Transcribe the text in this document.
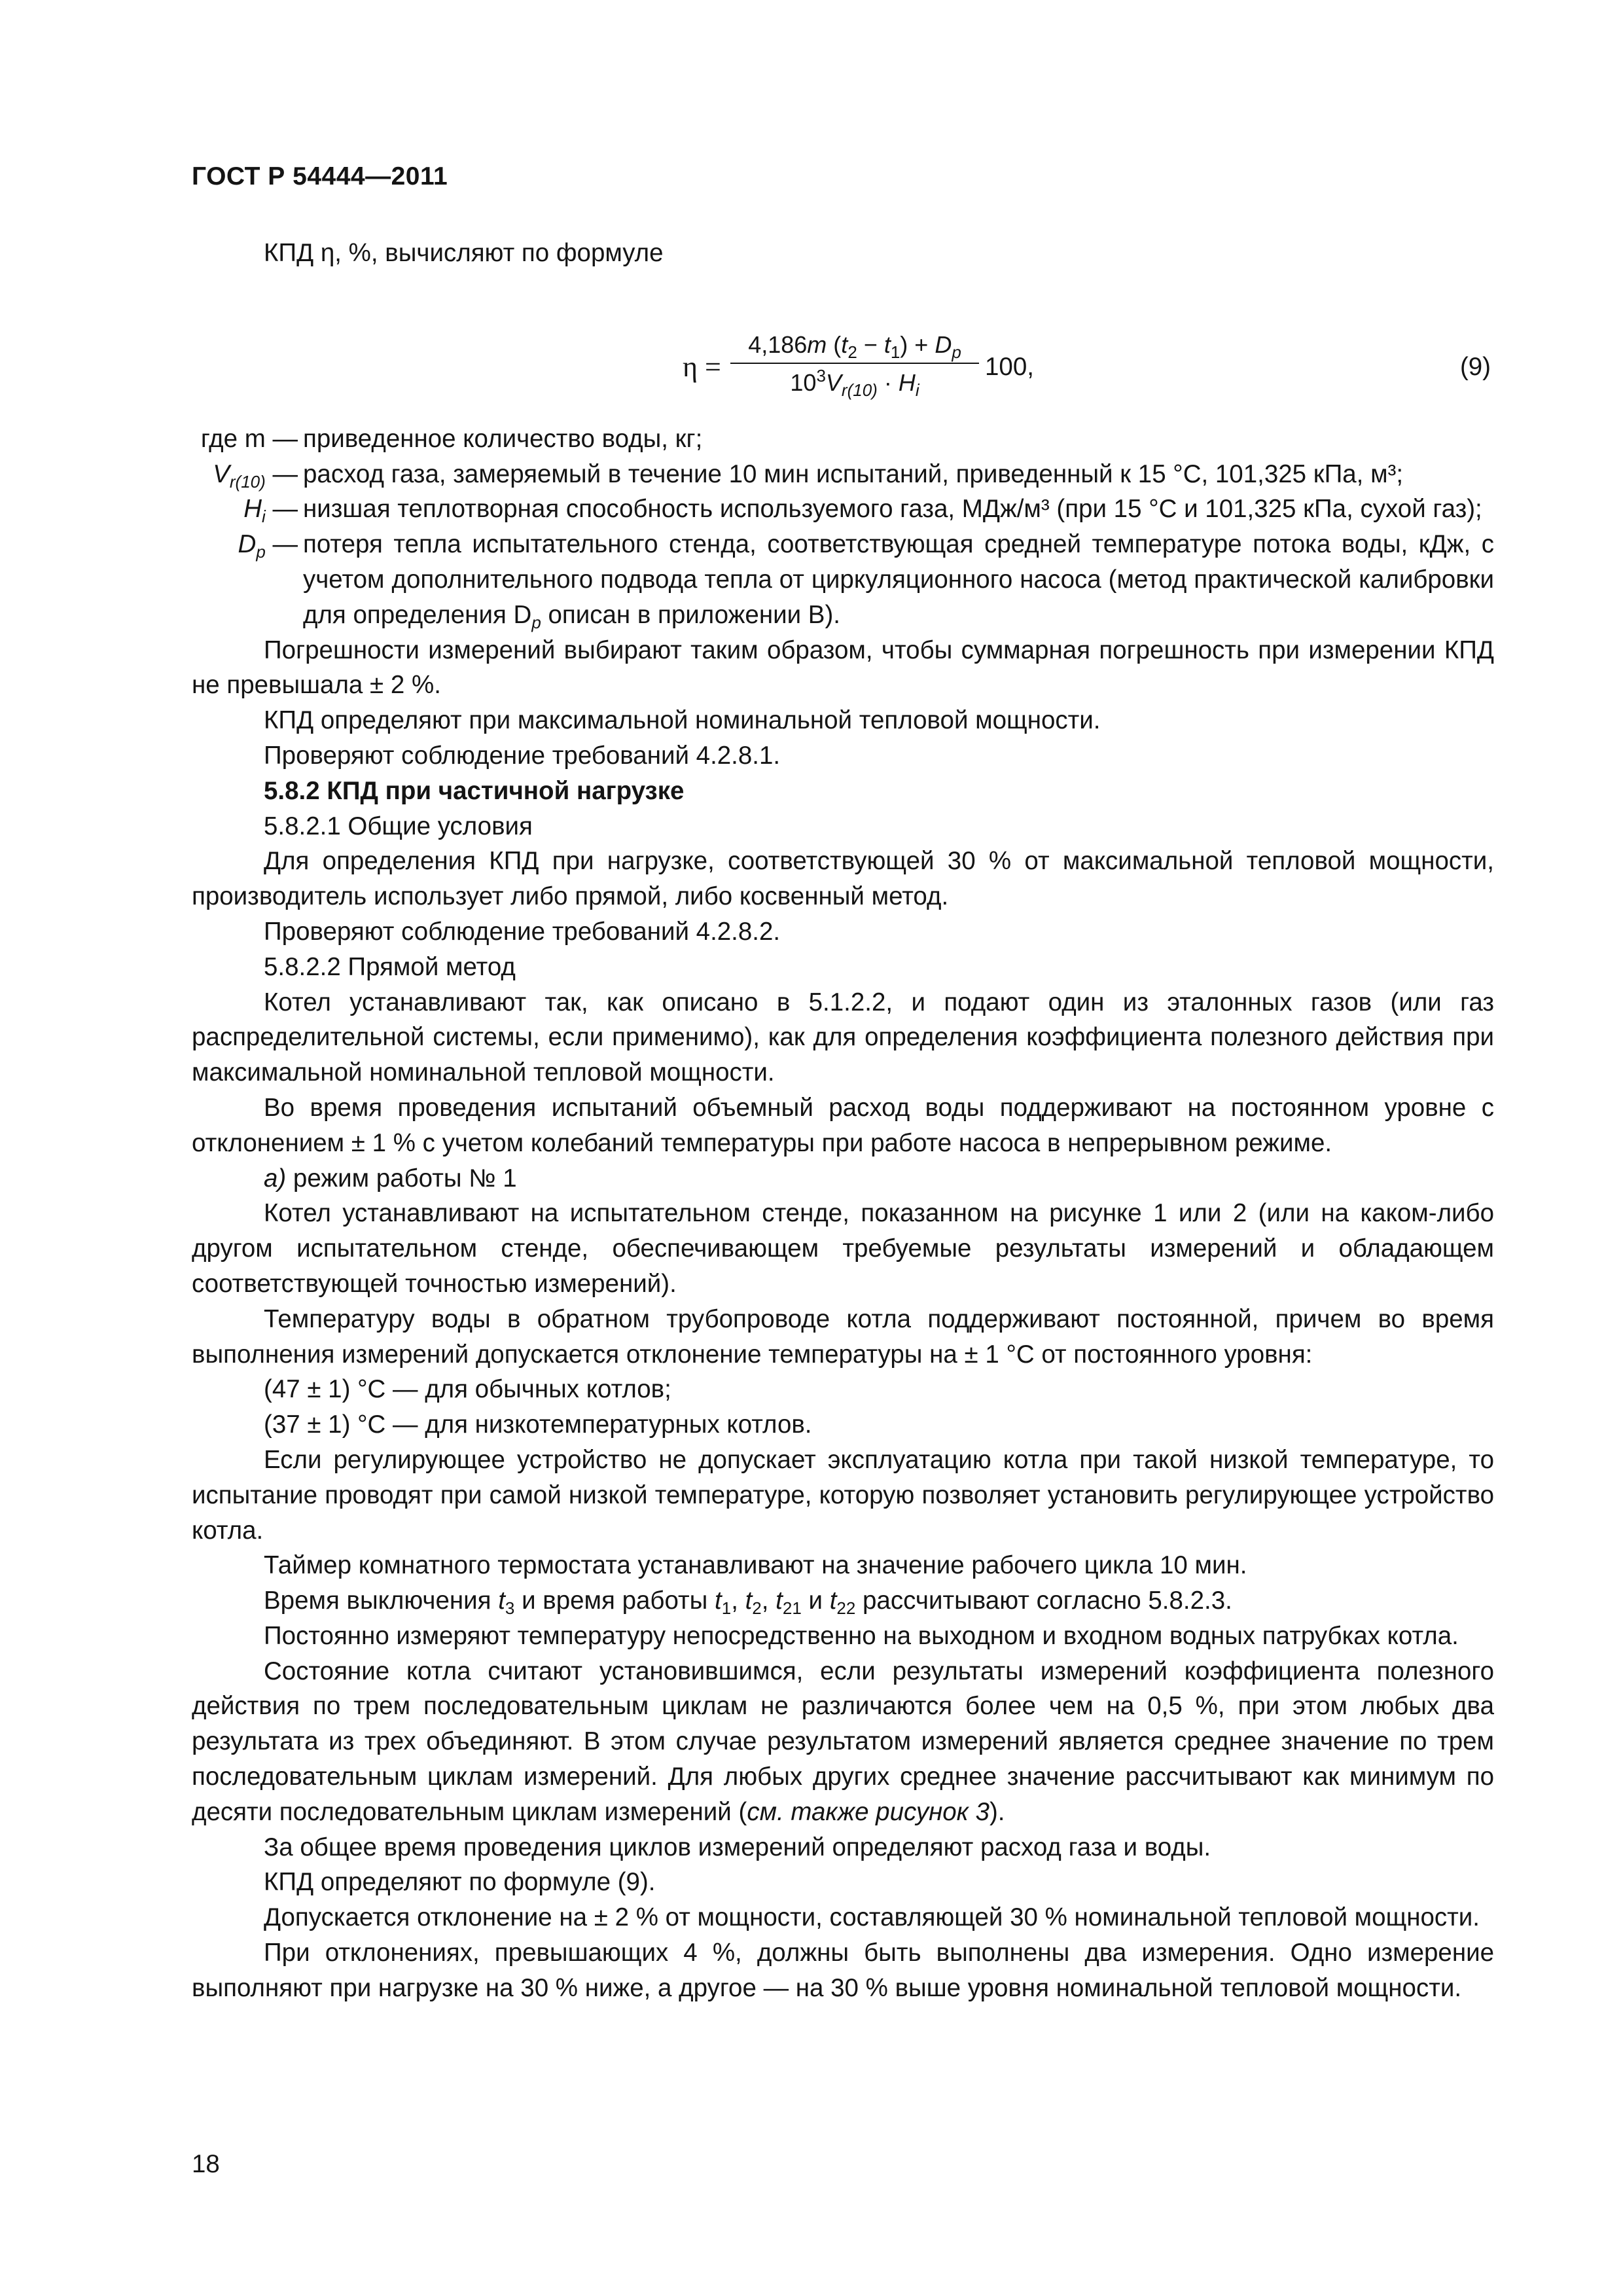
ГОСТ Р 54444—2011

КПД η, %, вычисляют по формуле

η =
4,186m $(t_2 - t_1) + D_p$
$10^3V_{r(10)} \cdot H_i$
100,	(9)
где m — приведенное количество воды, кг;
$V_{r(10)}$ — расход газа, замеряемый в течение 10 мин испытаний, приведенный к 15 °C, 101,325 кПа, м³;
$H_i$ — низшая теплотворная способность используемого газа, МДж/м³ (при 15 °C и 101,325 кПа, сухой газ);
$D_p$ — потеря тепла испытательного стенда, соответствующая средней температуре потока воды, кДж, с учетом дополнительного подвода тепла от циркуляционного насоса (метод практической калибровки для определения $D_p$ описан в приложении В).

Погрешности измерений выбирают таким образом, чтобы суммарная погрешность при измерении КПД не превышала ± 2 %.

КПД определяют при максимальной номинальной тепловой мощности.

Проверяют соблюдение требований 4.2.8.1.

5.8.2 КПД при частичной нагрузке

5.8.2.1 Общие условия

Для определения КПД при нагрузке, соответствующей 30 % от максимальной тепловой мощности, производитель использует либо прямой, либо косвенный метод.

Проверяют соблюдение требований 4.2.8.2.

5.8.2.2 Прямой метод

Котел устанавливают так, как описано в 5.1.2.2, и подают один из эталонных газов (или газ распределительной системы, если применимо), как для определения коэффициента полезного действия при максимальной номинальной тепловой мощности.

Во время проведения испытаний объемный расход воды поддерживают на постоянном уровне с отклонением ± 1 % с учетом колебаний температуры при работе насоса в непрерывном режиме.

а) режим работы № 1

Котел устанавливают на испытательном стенде, показанном на рисунке 1 или 2 (или на каком-либо другом испытательном стенде, обеспечивающем требуемые результаты измерений и обладающем соответствующей точностью измерений).

Температуру воды в обратном трубопроводе котла поддерживают постоянной, причем во время выполнения измерений допускается отклонение температуры на ± 1 °C от постоянного уровня:

(47 ± 1) °C — для обычных котлов;

(37 ± 1) °C — для низкотемпературных котлов.

Если регулирующее устройство не допускает эксплуатацию котла при такой низкой температуре, то испытание проводят при самой низкой температуре, которую позволяет установить регулирующее устройство котла.

Таймер комнатного термостата устанавливают на значение рабочего цикла 10 мин.

Время выключения $t_3$ и время работы $t_1$, $t_2$, $t_{21}$ и $t_{22}$ рассчитывают согласно 5.8.2.3.

Постоянно измеряют температуру непосредственно на выходном и входном водных патрубках котла.

Состояние котла считают установившимся, если результаты измерений коэффициента полезного действия по трем последовательным циклам не различаются более чем на 0,5 %, при этом любых два результата из трех объединяют. В этом случае результатом измерений является среднее значение по трем последовательным циклам измерений. Для любых других среднее значение рассчитывают как минимум по десяти последовательным циклам измерений (см. также рисунок 3).

За общее время проведения циклов измерений определяют расход газа и воды.

КПД определяют по формуле (9).

Допускается отклонение на ± 2 % от мощности, составляющей 30 % номинальной тепловой мощности.

При отклонениях, превышающих 4 %, должны быть выполнены два измерения. Одно измерение выполняют при нагрузке на 30 % ниже, а другое — на 30 % выше уровня номинальной тепловой мощности.

18
